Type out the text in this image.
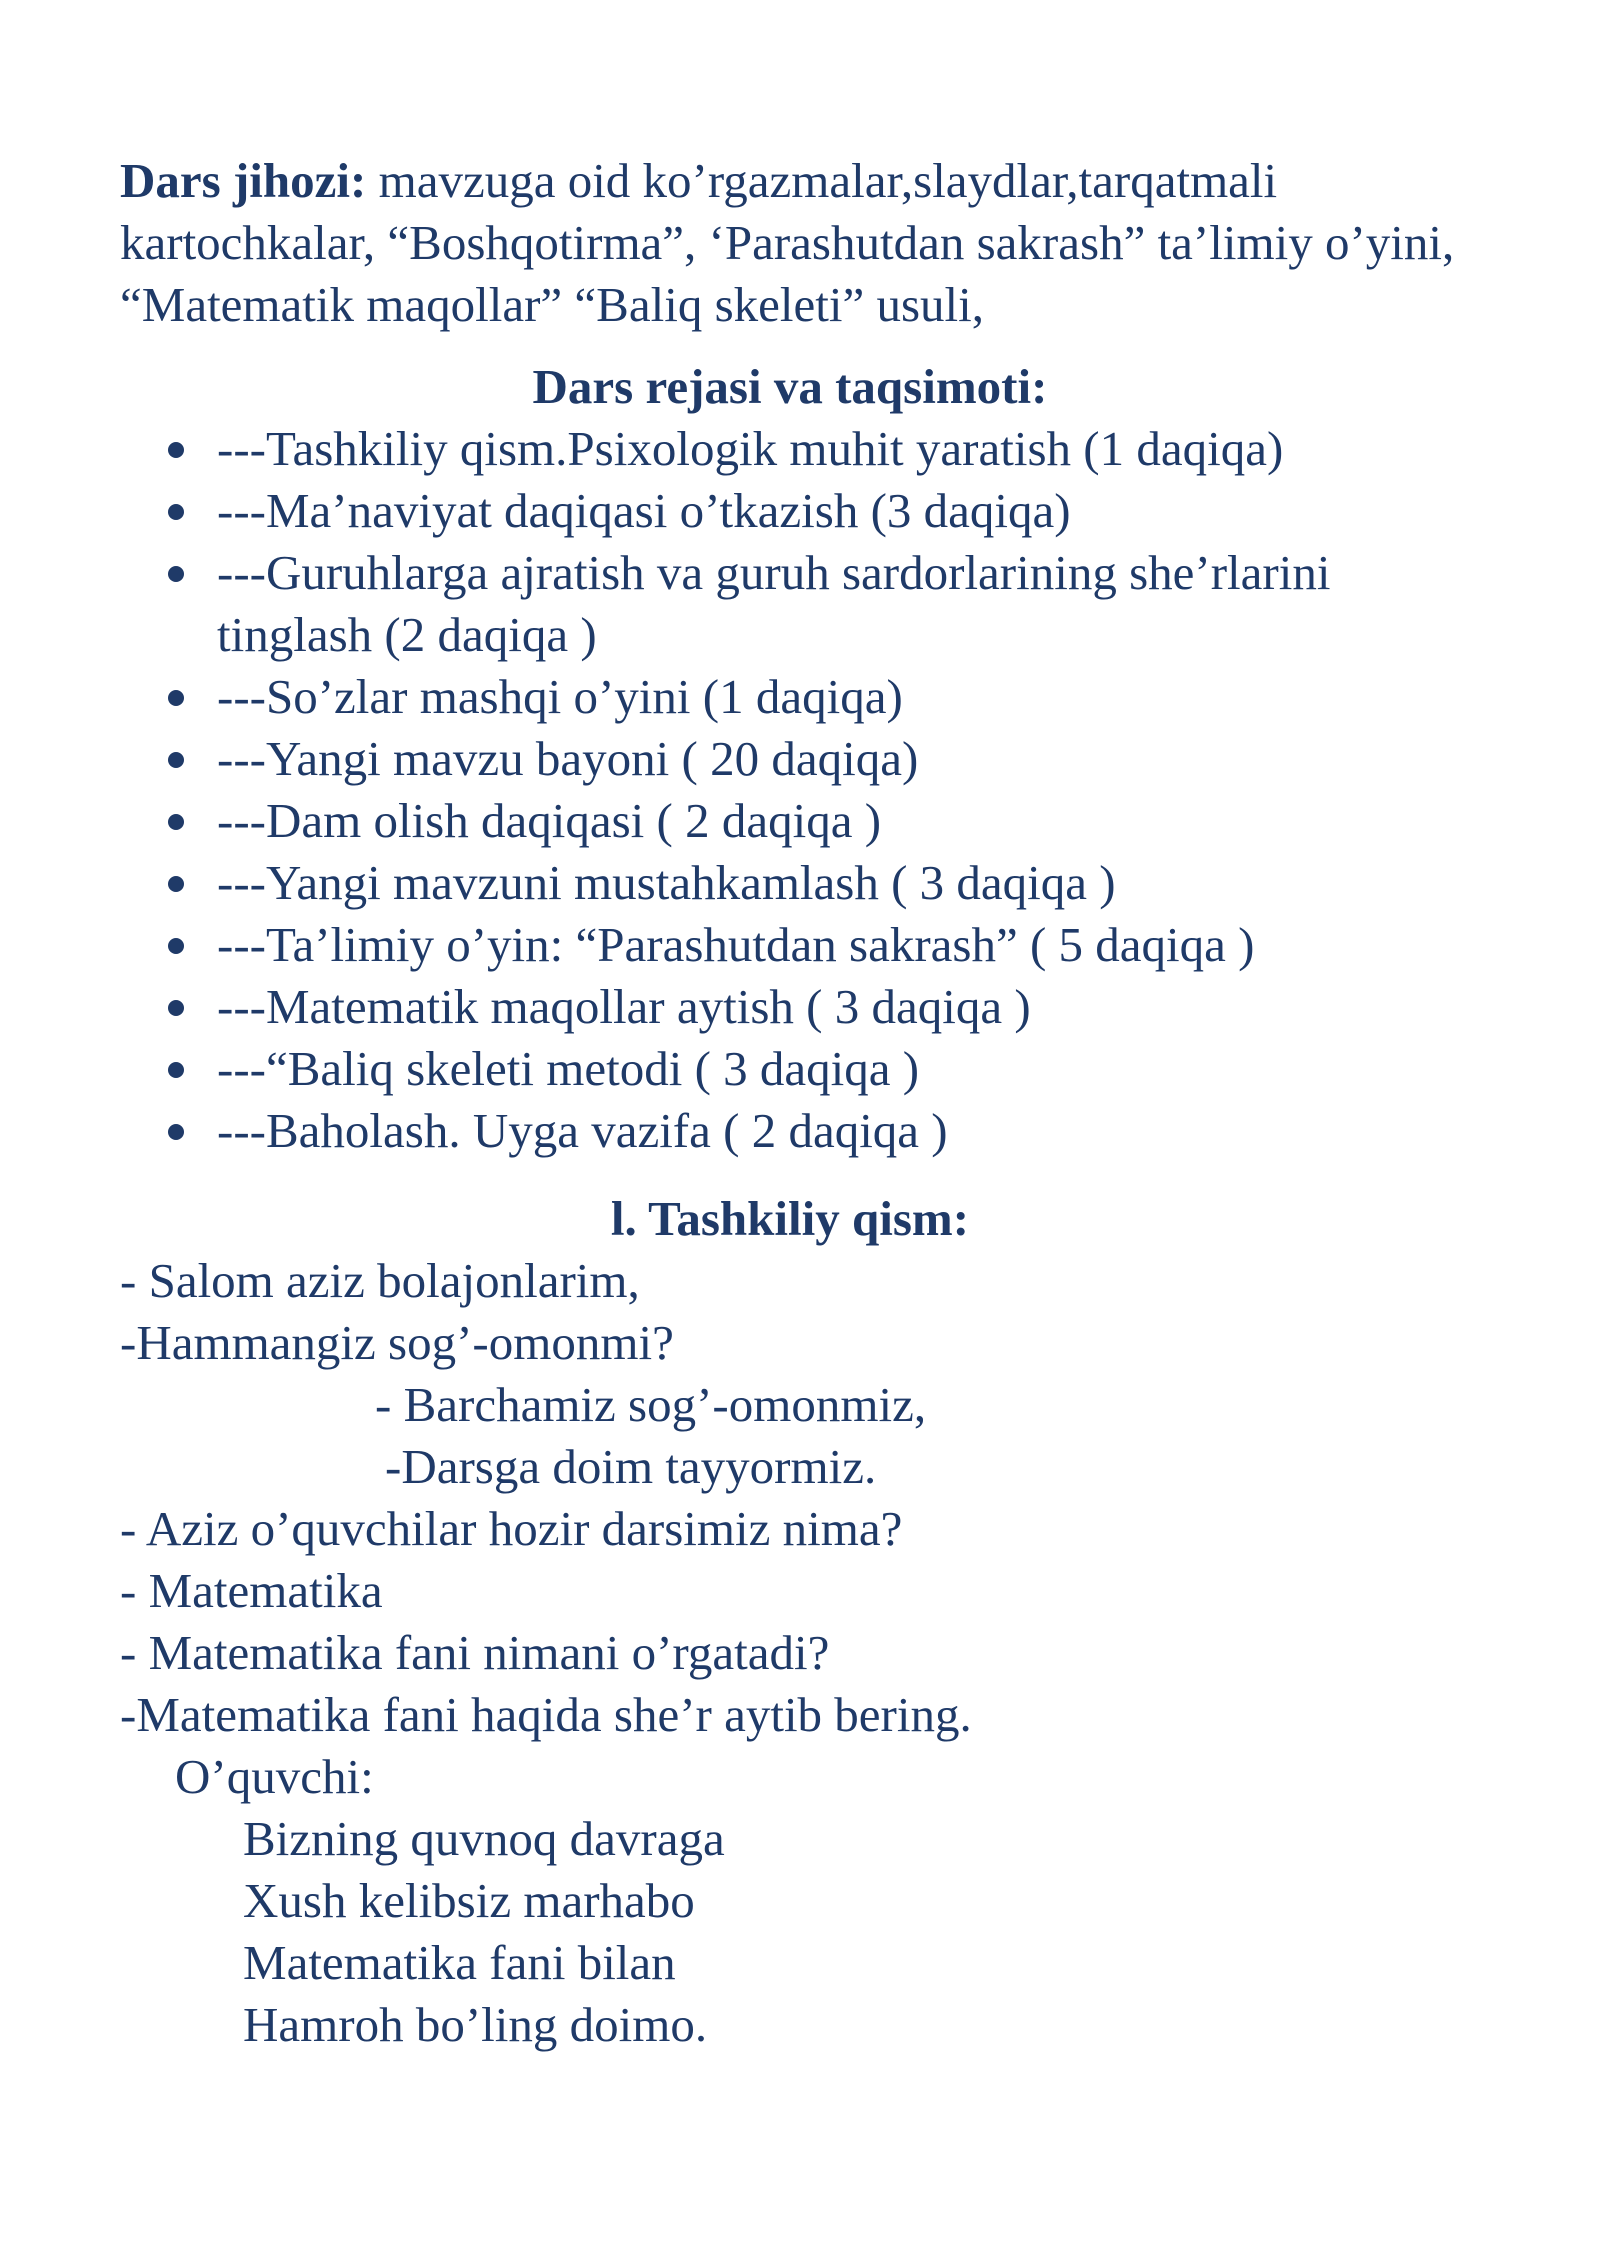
Dars jihozi: mavzuga oid ko’rgazmalar,slaydlar,tarqatmali kartochkalar, “Boshqotirma”, ‘Parashutdan sakrash” ta’limiy o’yini, “Matematik maqollar” “Baliq skeleti” usuli,

Dars rejasi va taqsimoti:

---Tashkiliy qism.Psixologik muhit yaratish (1 daqiqa)
---Ma’naviyat daqiqasi o’tkazish (3 daqiqa)
---Guruhlarga ajratish va guruh sardorlarining she’rlarini tinglash (2 daqiqa )
---So’zlar mashqi o’yini (1 daqiqa)
---Yangi mavzu bayoni ( 20 daqiqa)
---Dam olish daqiqasi ( 2 daqiqa )
---Yangi mavzuni mustahkamlash ( 3 daqiqa )
---Ta’limiy o’yin: “Parashutdan sakrash” ( 5 daqiqa )
---Matematik maqollar aytish ( 3 daqiqa )
---“Baliq skeleti metodi ( 3 daqiqa )
---Baholash. Uyga vazifa ( 2 daqiqa )

l. Tashkiliy qism:

- Salom aziz bolajonlarim,

-Hammangiz sog’-omonmi?

- Barchamiz sog’-omonmiz,

-Darsga doim tayyormiz.

- Aziz o’quvchilar hozir darsimiz nima?

- Matematika

- Matematika fani nimani o’rgatadi?

-Matematika fani haqida she’r aytib bering.

O’quvchi:

Bizning quvnoq davraga

Xush kelibsiz marhabo

Matematika fani bilan

Hamroh bo’ling doimo.
